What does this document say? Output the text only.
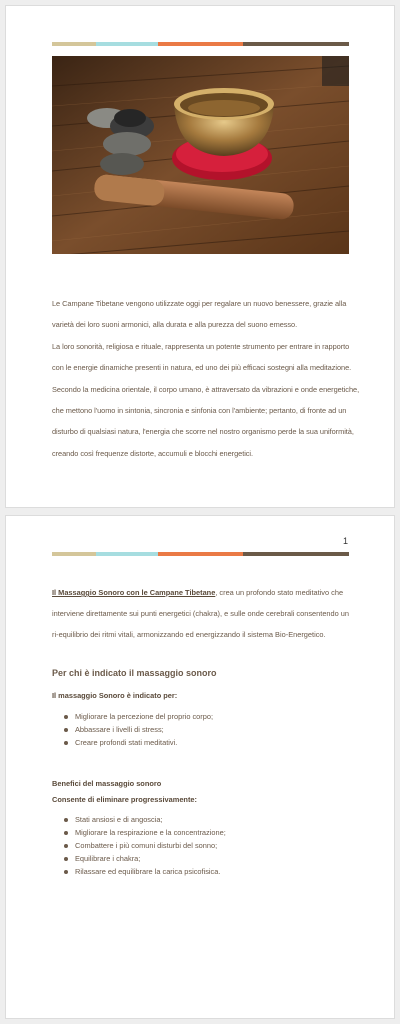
Le Campane Tibetane vengono utilizzate oggi per regalare un nuovo benessere, grazie alla

varietà dei loro suoni armonici, alla durata e alla purezza del suono emesso.

La loro sonorità, religiosa e rituale, rappresenta un potente strumento per entrare in rapporto

con le energie dinamiche presenti in natura, ed uno dei più efficaci sostegni alla meditazione.

Secondo la medicina orientale, il corpo umano, è attraversato da vibrazioni e onde energetiche,

che mettono l'uomo in sintonia, sincronia e sinfonia con l'ambiente; pertanto, di fronte ad un

disturbo di qualsiasi natura, l'energia che scorre nel nostro organismo perde la sua uniformità,

creando così frequenze distorte, accumuli e blocchi energetici.

1

Il Massaggio Sonoro con le Campane Tibetane, crea un profondo stato meditativo che

interviene direttamente sui punti energetici (chakra), e sulle onde cerebrali consentendo un

ri-equilibrio dei ritmi vitali, armonizzando ed energizzando il sistema Bio-Energetico.

Per chi è indicato il massaggio sonoro
Il massaggio Sonoro è indicato per:
Migliorare la percezione del proprio corpo;
Abbassare i livelli di stress;
Creare profondi stati meditativi.
Benefici del massaggio sonoro
Consente di eliminare progressivamente:
Stati ansiosi e di angoscia;
Migliorare la respirazione e la concentrazione;
Combattere i più comuni disturbi del sonno;
Equilibrare i chakra;
Rilassare ed equilibrare la carica psicofisica.
